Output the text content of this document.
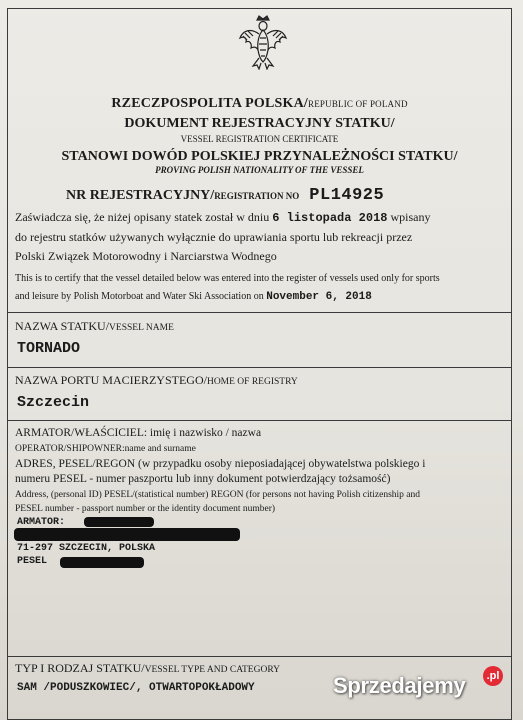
RZECZPOSPOLITA POLSKA/REPUBLIC OF POLAND
DOKUMENT REJESTRACYJNY STATKU/
VESSEL REGISTRATION CERTIFICATE
STANOWI DOWÓD POLSKIEJ PRZYNALEŻNOŚCI STATKU/
PROVING POLISH NATIONALITY OF THE VESSEL
NR REJESTRACYJNY/REGISTRATION NO PL14925
Zaświadcza się, że niżej opisany statek został w dniu 6 listopada 2018 wpisany
do rejestru statków używanych wyłącznie do uprawiania sportu lub rekreacji przez
Polski Związek Motorowodny i Narciarstwa Wodnego
This is to certify that the vessel detailed below was entered into the register of vessels used only for sports
and leisure by Polish Motorboat and Water Ski Association on November 6, 2018
NAZWA STATKU/VESSEL NAME
TORNADO
NAZWA PORTU MACIERZYSTEGO/HOME OF REGISTRY
Szczecin
ARMATOR/WŁAŚCICIEL: imię i nazwisko / nazwa
OPERATOR/SHIPOWNER:name and surname
ADRES, PESEL/REGON (w przypadku osoby nieposiadającej obywatelstwa polskiego i
numeru PESEL - numer paszportu lub inny dokument potwierdzający tożsamość)
Address, (personal ID) PESEL/(statistical number) REGON (for persons not having Polish citizenship and
PESEL number - passport number or the identity document number)
ARMATOR:
71-297 SZCZECIN, POLSKA
PESEL
TYP I RODZAJ STATKU/VESSEL TYPE AND CATEGORY
SAM /PODUSZKOWIEC/, OTWARTOPOKŁADOWY	Sprzedajemy	.pl
